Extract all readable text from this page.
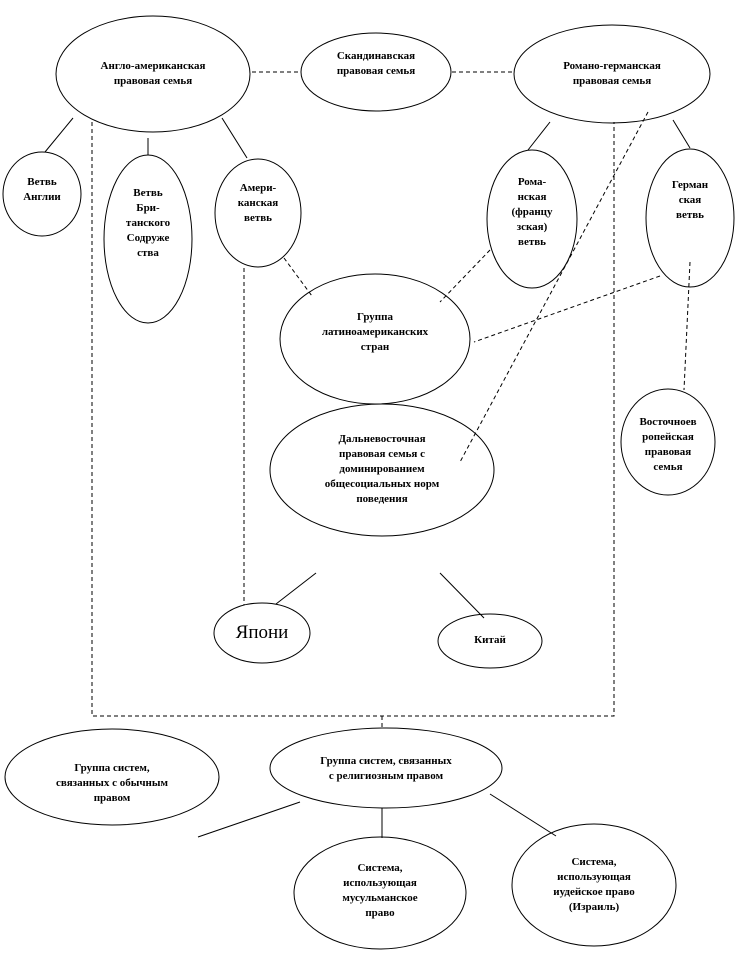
Англо-американская
правовая семья
Скандинавская
правовая семья	Романо-германская
правовая семья
Ветвь
Англии	Ветвь
Бри-
танского
Содруже
ства
Амери-
канская
ветвь
Рома-
нская
(францу
зская)
ветвь
Герман
ская
ветвь
Группа
латиноамериканских
стран
Дальневосточная
правовая семья с
доминированием
общесоциальных норм
поведения
Восточноев
ропейская
правовая
семья
Япони	Китай
Группа систем,
связанных с обычным
правом
Группа систем, связанных
с религиозным правом
Система,
использующая
мусульманское
право
Система,
использующая
иудейское право
(Израиль)
